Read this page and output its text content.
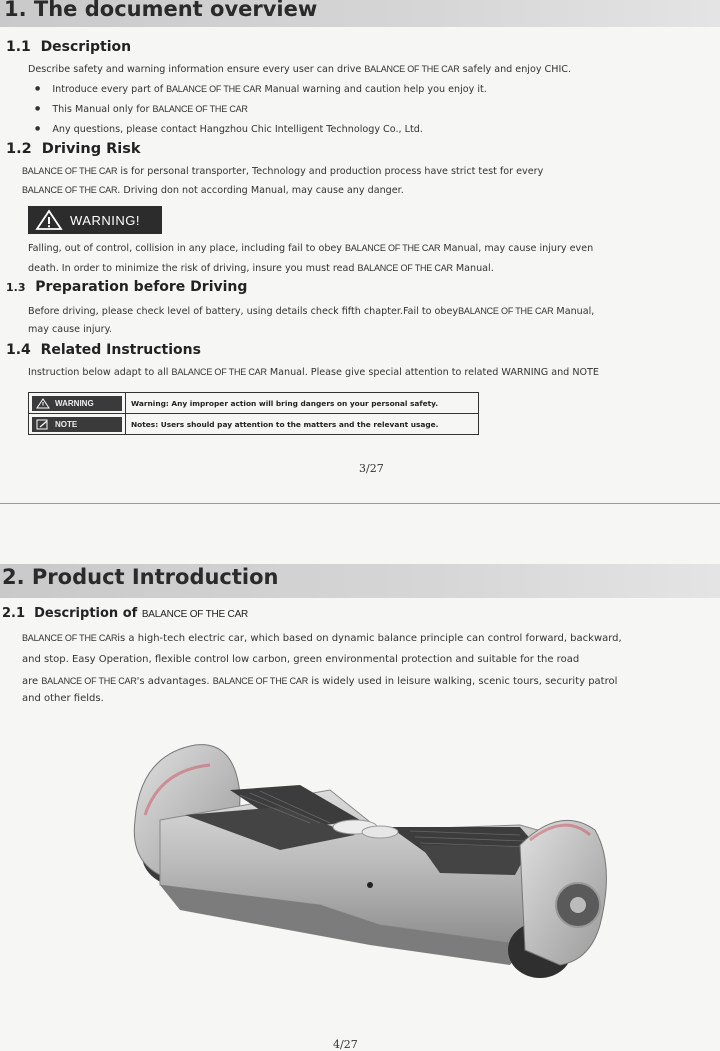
1. The document overview
1.1 Description
Describe safety and warning information ensure every user can drive BALANCE OF THE CAR safely and enjoy CHIC.
● Introduce every part of BALANCE OF THE CAR Manual warning and caution help you enjoy it.
● This Manual only for BALANCE OF THE CAR
● Any questions, please contact Hangzhou Chic Intelligent Technology Co., Ltd.
1.2 Driving Risk
BALANCE OF THE CAR is for personal transporter, Technology and production process have strict test for every
BALANCE OF THE CAR. Driving don not according Manual, may cause any danger.
WARNING!
Falling, out of control, collision in any place, including fail to obey BALANCE OF THE CAR Manual, may cause injury even
death. In order to minimize the risk of driving, insure you must read BALANCE OF THE CAR Manual.
1.3 Preparation before Driving
Before driving, please check level of battery, using details check fifth chapter.Fail to obeyBALANCE OF THE CAR Manual,
may cause injury.
1.4 Related Instructions
Instruction below adapt to all BALANCE OF THE CAR Manual. Please give special attention to related WARNING and NOTE
WARNING	Warning: Any improper action will bring dangers on your personal safety.

NOTE	Notes: Users should pay attention to the matters and the relevant usage.
3/27
2. Product Introduction
2.1 Description of BALANCE OF THE CAR
BALANCE OF THE CARis a high-tech electric car, which based on dynamic balance principle can control forward, backward,
and stop. Easy Operation, flexible control low carbon, green environmental protection and suitable for the road
are BALANCE OF THE CAR's advantages. BALANCE OF THE CAR is widely used in leisure walking, scenic tours, security patrol
and other fields.
4/27
